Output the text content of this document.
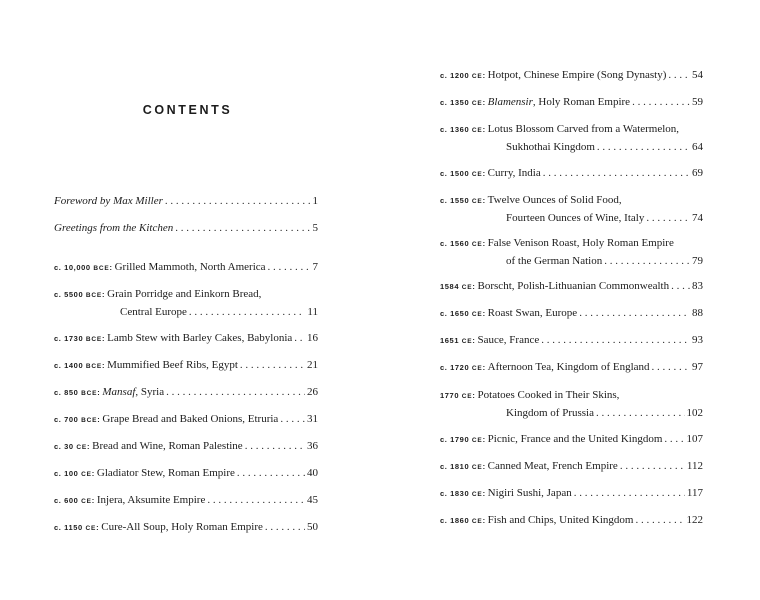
CONTENTS
Foreword by Max Miller . . .	1
Greetings from the Kitchen . . .	5
c. 10,000 BCE: Grilled Mammoth, North America . . .	7
c. 5500 BCE: Grain Porridge and Einkorn Bread,
Central Europe . . .	11
c. 1730 BCE: Lamb Stew with Barley Cakes, Babylonia . . . 16
c. 1400 BCE: Mummified Beef Ribs, Egypt . . .	21
c. 850 BCE: Mansaf, Syria . . .	26
c. 700 BCE: Grape Bread and Baked Onions, Etruria . . .	31
c. 30 CE: Bread and Wine, Roman Palestine . . .	36
c. 100 CE: Gladiator Stew, Roman Empire . . .	40
c. 600 CE: Injera, Aksumite Empire . . .	45
c. 1150 CE: Cure-All Soup, Holy Roman Empire . . .	50
c. 1200 CE: Hotpot, Chinese Empire (Song Dynasty) . . . 54
c. 1350 CE: Blamensir, Holy Roman Empire . . .	59
c. 1360 CE: Lotus Blossom Carved from a Watermelon,
Sukhothai Kingdom . . .	64
c. 1500 CE: Curry, India . . .	69
c. 1550 CE: Twelve Ounces of Solid Food,
Fourteen Ounces of Wine, Italy . . .	74
c. 1560 CE: False Venison Roast, Holy Roman Empire
of the German Nation . . .	79
1584 CE: Borscht, Polish-Lithuanian Commonwealth . . . 83
c. 1650 CE: Roast Swan, Europe . . .	88
1651 CE: Sauce, France . . .	93
c. 1720 CE: Afternoon Tea, Kingdom of England . . .	97
1770 CE: Potatoes Cooked in Their Skins,
Kingdom of Prussia . . .	102
c. 1790 CE: Picnic, France and the United Kingdom . . . 107
c. 1810 CE: Canned Meat, French Empire . . .	112
c. 1830 CE: Nigiri Sushi, Japan . . .	117
c. 1860 CE: Fish and Chips, United Kingdom . . .	122
